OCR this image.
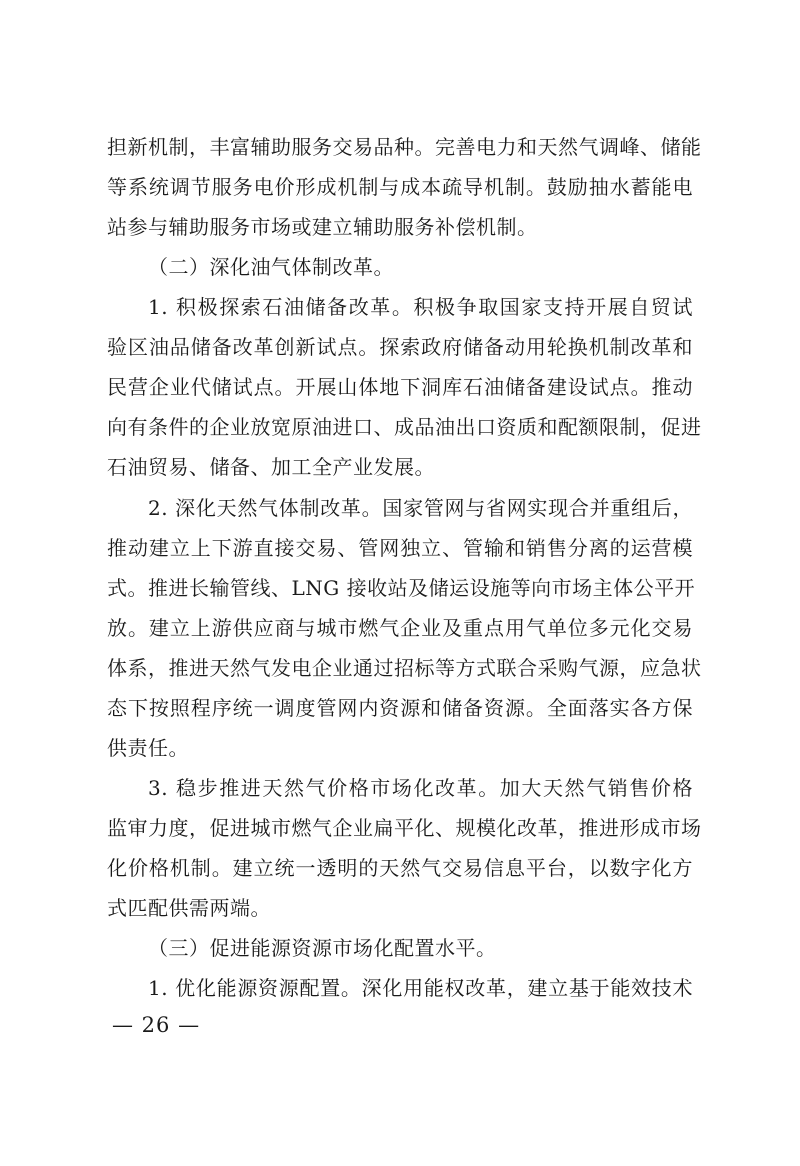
担新机制，丰富辅助服务交易品种。完善电力和天然气调峰、储能

等系统调节服务电价形成机制与成本疏导机制。鼓励抽水蓄能电

站参与辅助服务市场或建立辅助服务补偿机制。

（二）深化油气体制改革。

1. 积极探索石油储备改革。积极争取国家支持开展自贸试

验区油品储备改革创新试点。探索政府储备动用轮换机制改革和

民营企业代储试点。开展山体地下洞库石油储备建设试点。推动

向有条件的企业放宽原油进口、成品油出口资质和配额限制，促进

石油贸易、储备、加工全产业发展。

2. 深化天然气体制改革。国家管网与省网实现合并重组后，

推动建立上下游直接交易、管网独立、管输和销售分离的运营模

式。推进长输管线、LNG 接收站及储运设施等向市场主体公平开

放。建立上游供应商与城市燃气企业及重点用气单位多元化交易

体系，推进天然气发电企业通过招标等方式联合采购气源，应急状

态下按照程序统一调度管网内资源和储备资源。全面落实各方保

供责任。

3. 稳步推进天然气价格市场化改革。加大天然气销售价格

监审力度，促进城市燃气企业扁平化、规模化改革，推进形成市场

化价格机制。建立统一透明的天然气交易信息平台，以数字化方

式匹配供需两端。

（三）促进能源资源市场化配置水平。

1. 优化能源资源配置。深化用能权改革，建立基于能效技术

— 26 —
